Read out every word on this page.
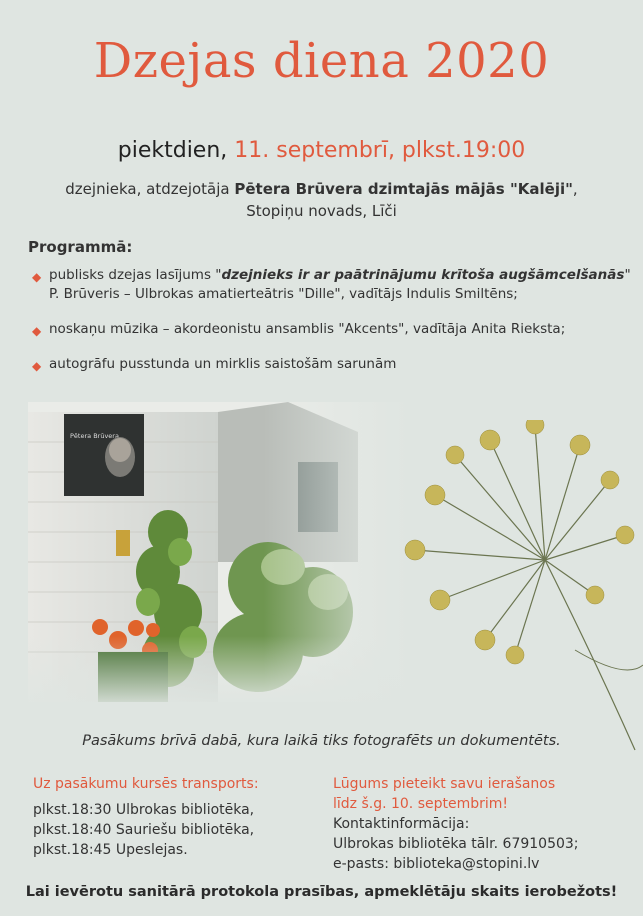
Dzejas diena 2020
piektdien, 11. septembrī, plkst.19:00
dzejnieka, atdzejotāja Pētera Brūvera dzimtajās mājās "Kalēji",
Stopiņu novads, Līči
Programmā:
◆ publisks dzejas lasījums "dzejnieks ir ar paātrinājumu krītoša augšāmcelšanās"
P. Brūveris – Ulbrokas amatierteātris "Dille", vadītājs Indulis Smiltēns;
◆ noskaņu mūzika – akordeonistu ansamblis "Akcents", vadītāja Anita Rieksta;
◆ autogrāfu pusstunda un mirklis saistošām sarunām
Pasākums brīvā dabā, kura laikā tiks fotografēts un dokumentēts.
Uz pasākumu kursēs transports:
plkst.18:30 Ulbrokas bibliotēka,
plkst.18:40 Sauriešu bibliotēka,
plkst.18:45 Upeslejas.
Lūgums pieteikt savu ierašanos
līdz š.g. 10. septembrim!
Kontaktinformācija:
Ulbrokas bibliotēka tālr. 67910503;
e-pasts: biblioteka@stopini.lv
Lai ievērotu sanitārā protokola prasības, apmeklētāju skaits ierobežots!
